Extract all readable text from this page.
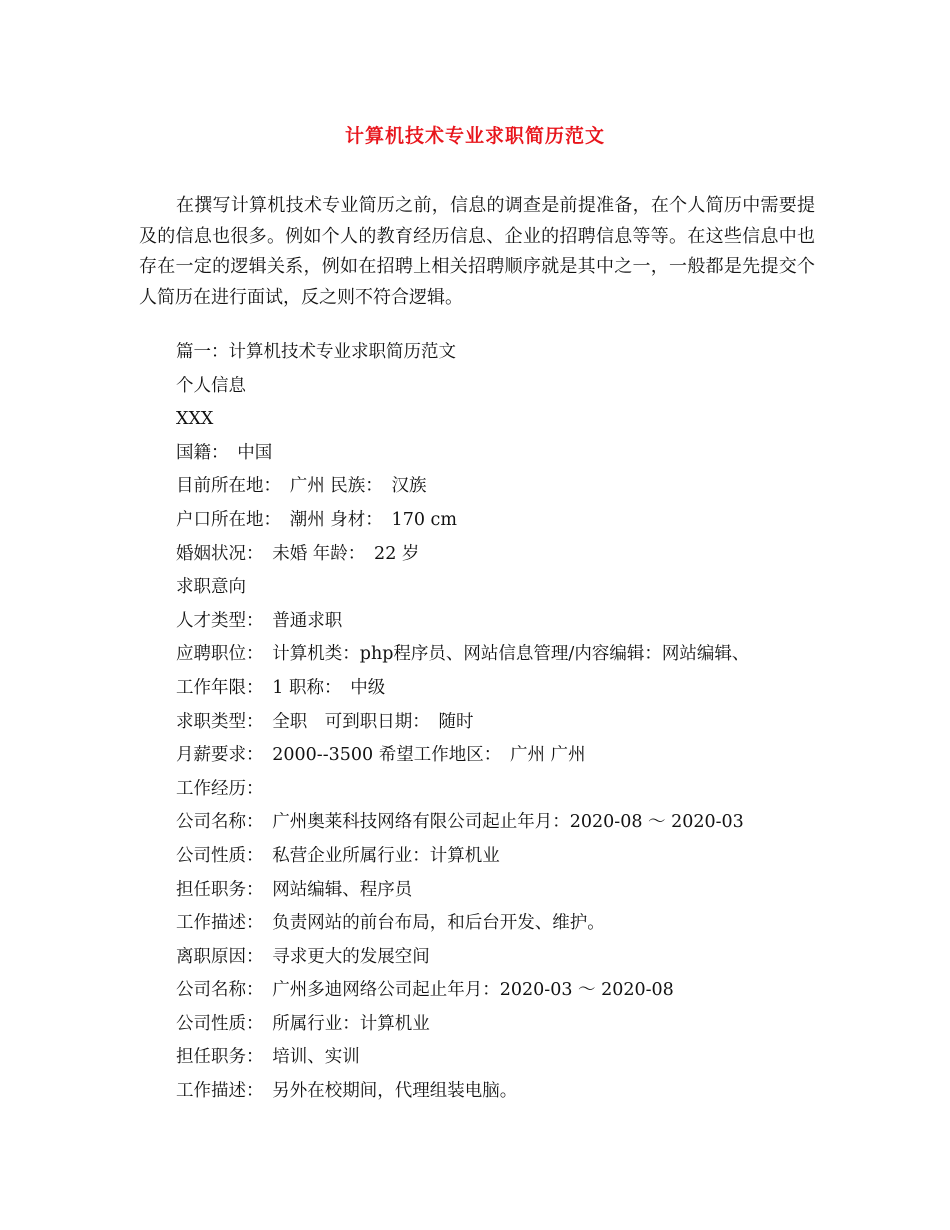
计算机技术专业求职简历范文

在撰写计算机技术专业简历之前，信息的调查是前提准备，在个人简历中需要提及的信息也很多。例如个人的教育经历信息、企业的招聘信息等等。在这些信息中也存在一定的逻辑关系，例如在招聘上相关招聘顺序就是其中之一，一般都是先提交个人简历在进行面试，反之则不符合逻辑。

篇一：计算机技术专业求职简历范文
个人信息
XXX
国籍：　中国
目前所在地：　广州 民族：　汉族
户口所在地：　潮州 身材：　170 cm
婚姻状况：　未婚 年龄：　22 岁
求职意向
人才类型：　普通求职
应聘职位：　计算机类：php程序员、网站信息管理/内容编辑：网站编辑、
工作年限：　1 职称：　中级
求职类型：　全职　可到职日期：　随时
月薪要求：　2000--3500 希望工作地区：　广州 广州
工作经历：
公司名称：　广州奥莱科技网络有限公司起止年月：2020-08 ～ 2020-03
公司性质：　私营企业所属行业：计算机业
担任职务：　网站编辑、程序员
工作描述：　负责网站的前台布局，和后台开发、维护。
离职原因：　寻求更大的发展空间
公司名称：　广州多迪网络公司起止年月：2020-03 ～ 2020-08
公司性质：　所属行业：计算机业
担任职务：　培训、实训
工作描述：　另外在校期间，代理组装电脑。
